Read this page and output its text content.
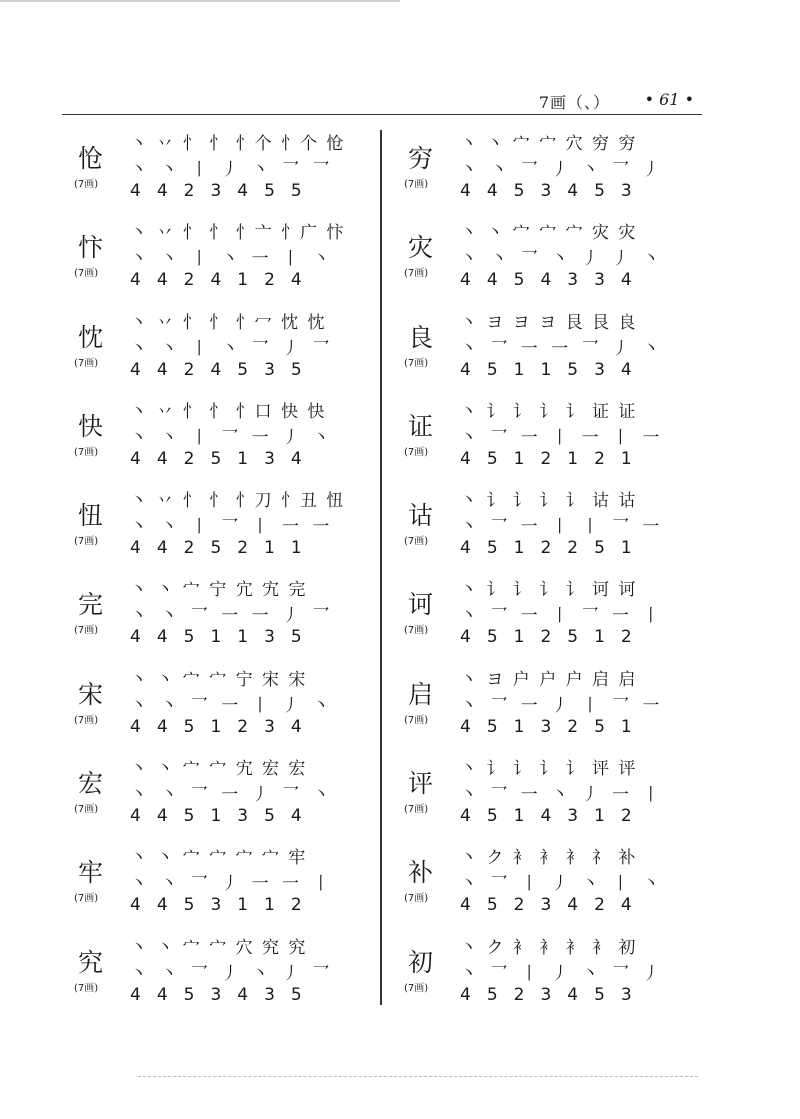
7画（、） • 61 •
怆
(7画)
丶 丷 忄 忄 忄个 忄个 怆
丶 丶 丨 丿 丶 乛 乛
4 4 2 3 4 5 5
忭
(7画)
丶 丷 忄 忄 忄亠 忄广 忭
丶 丶 丨 丶 一 丨 丶
4 4 2 4 1 2 4
忱
(7画)
丶 丷 忄 忄 忄冖 忱 忱
丶 丶 丨 丶 乛 丿 乛
4 4 2 4 5 3 5
快
(7画)
丶 丷 忄 忄 忄口 快 快
丶 丶 丨 乛 一 丿 丶
4 4 2 5 1 3 4
忸
(7画)
丶 丷 忄 忄 忄刀 忄丑 忸
丶 丶 丨 乛 丨 一 一
4 4 2 5 2 1 1
完
(7画)
丶 丶 宀 宁 宂 宄 完
丶 丶 乛 一 一 丿 乛
4 4 5 1 1 3 5
宋
(7画)
丶 丶 宀 宀 宁 宋 宋
丶 丶 乛 一 丨 丿 丶
4 4 5 1 2 3 4
宏
(7画)
丶 丶 宀 宀 宄 宏 宏
丶 丶 乛 一 丿 乛 丶
4 4 5 1 3 5 4
牢
(7画)
丶 丶 宀 宀 宀 宀 牢
丶 丶 乛 丿 一 一 丨
4 4 5 3 1 1 2
究
(7画)
丶 丶 宀 宀 穴 究 究
丶 丶 乛 丿 丶 丿 乛
4 4 5 3 4 3 5
穷
(7画)
丶 丶 宀 宀 穴 穷 穷
丶 丶 乛 丿 丶 乛 丿
4 4 5 3 4 5 3
灾
(7画)
丶 丶 宀 宀 宀 灾 灾
丶 丶 乛 丶 丿 丿 丶
4 4 5 4 3 3 4
良
(7画)
丶 ヨ ヨ ヨ 艮 艮 良
丶 乛 一 一 乛 丿 丶
4 5 1 1 5 3 4
证
(7画)
丶 讠 讠 讠 讠 证 证
丶 乛 一 丨 一 丨 一
4 5 1 2 1 2 1
诂
(7画)
丶 讠 讠 讠 讠 诂 诂
丶 乛 一 丨 丨 乛 一
4 5 1 2 2 5 1
诃
(7画)
丶 讠 讠 讠 讠 诃 诃
丶 乛 一 丨 乛 一 丨
4 5 1 2 5 1 2
启
(7画)
丶 ヨ 户 户 户 启 启
丶 乛 一 丿 丨 乛 一
4 5 1 3 2 5 1
评
(7画)
丶 讠 讠 讠 讠 评 评
丶 乛 一 丶 丿 一 丨
4 5 1 4 3 1 2
补
(7画)
丶 ク 衤 衤 衤 礻 补
丶 乛 丨 丿 丶 丨 丶
4 5 2 3 4 2 4
初
(7画)
丶 ク 衤 衤 衤 衤 初
丶 乛 丨 丿 丶 乛 丿
4 5 2 3 4 5 3
